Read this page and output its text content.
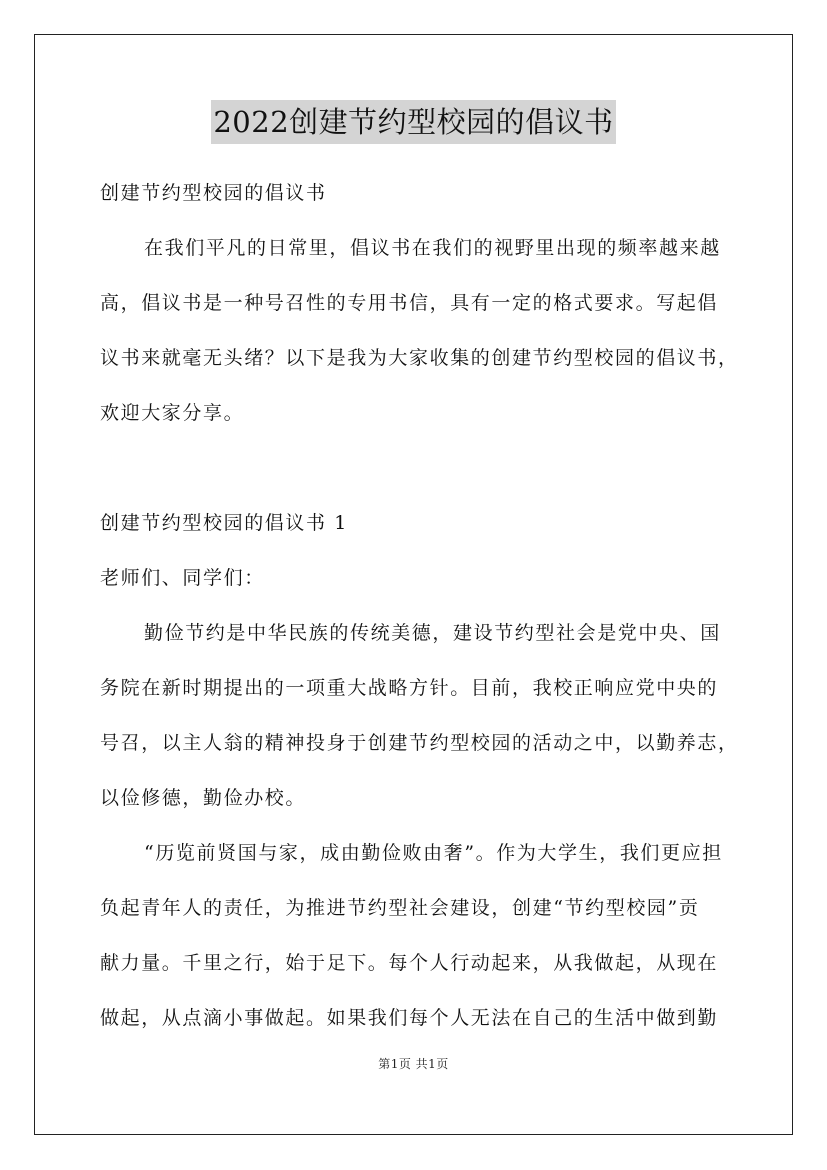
2022创建节约型校园的倡议书
创建节约型校园的倡议书
在我们平凡的日常里，倡议书在我们的视野里出现的频率越来越
高，倡议书是一种号召性的专用书信，具有一定的格式要求。写起倡
议书来就毫无头绪？以下是我为大家收集的创建节约型校园的倡议书，
欢迎大家分享。
创建节约型校园的倡议书 1
老师们、同学们：
勤俭节约是中华民族的传统美德，建设节约型社会是党中央、国
务院在新时期提出的一项重大战略方针。目前，我校正响应党中央的
号召，以主人翁的精神投身于创建节约型校园的活动之中，以勤养志，
以俭修德，勤俭办校。
“历览前贤国与家，成由勤俭败由奢”。作为大学生，我们更应担
负起青年人的责任，为推进节约型社会建设，创建“节约型校园”贡
献力量。千里之行，始于足下。每个人行动起来，从我做起，从现在
做起，从点滴小事做起。如果我们每个人无法在自己的生活中做到勤
第1页 共1页
